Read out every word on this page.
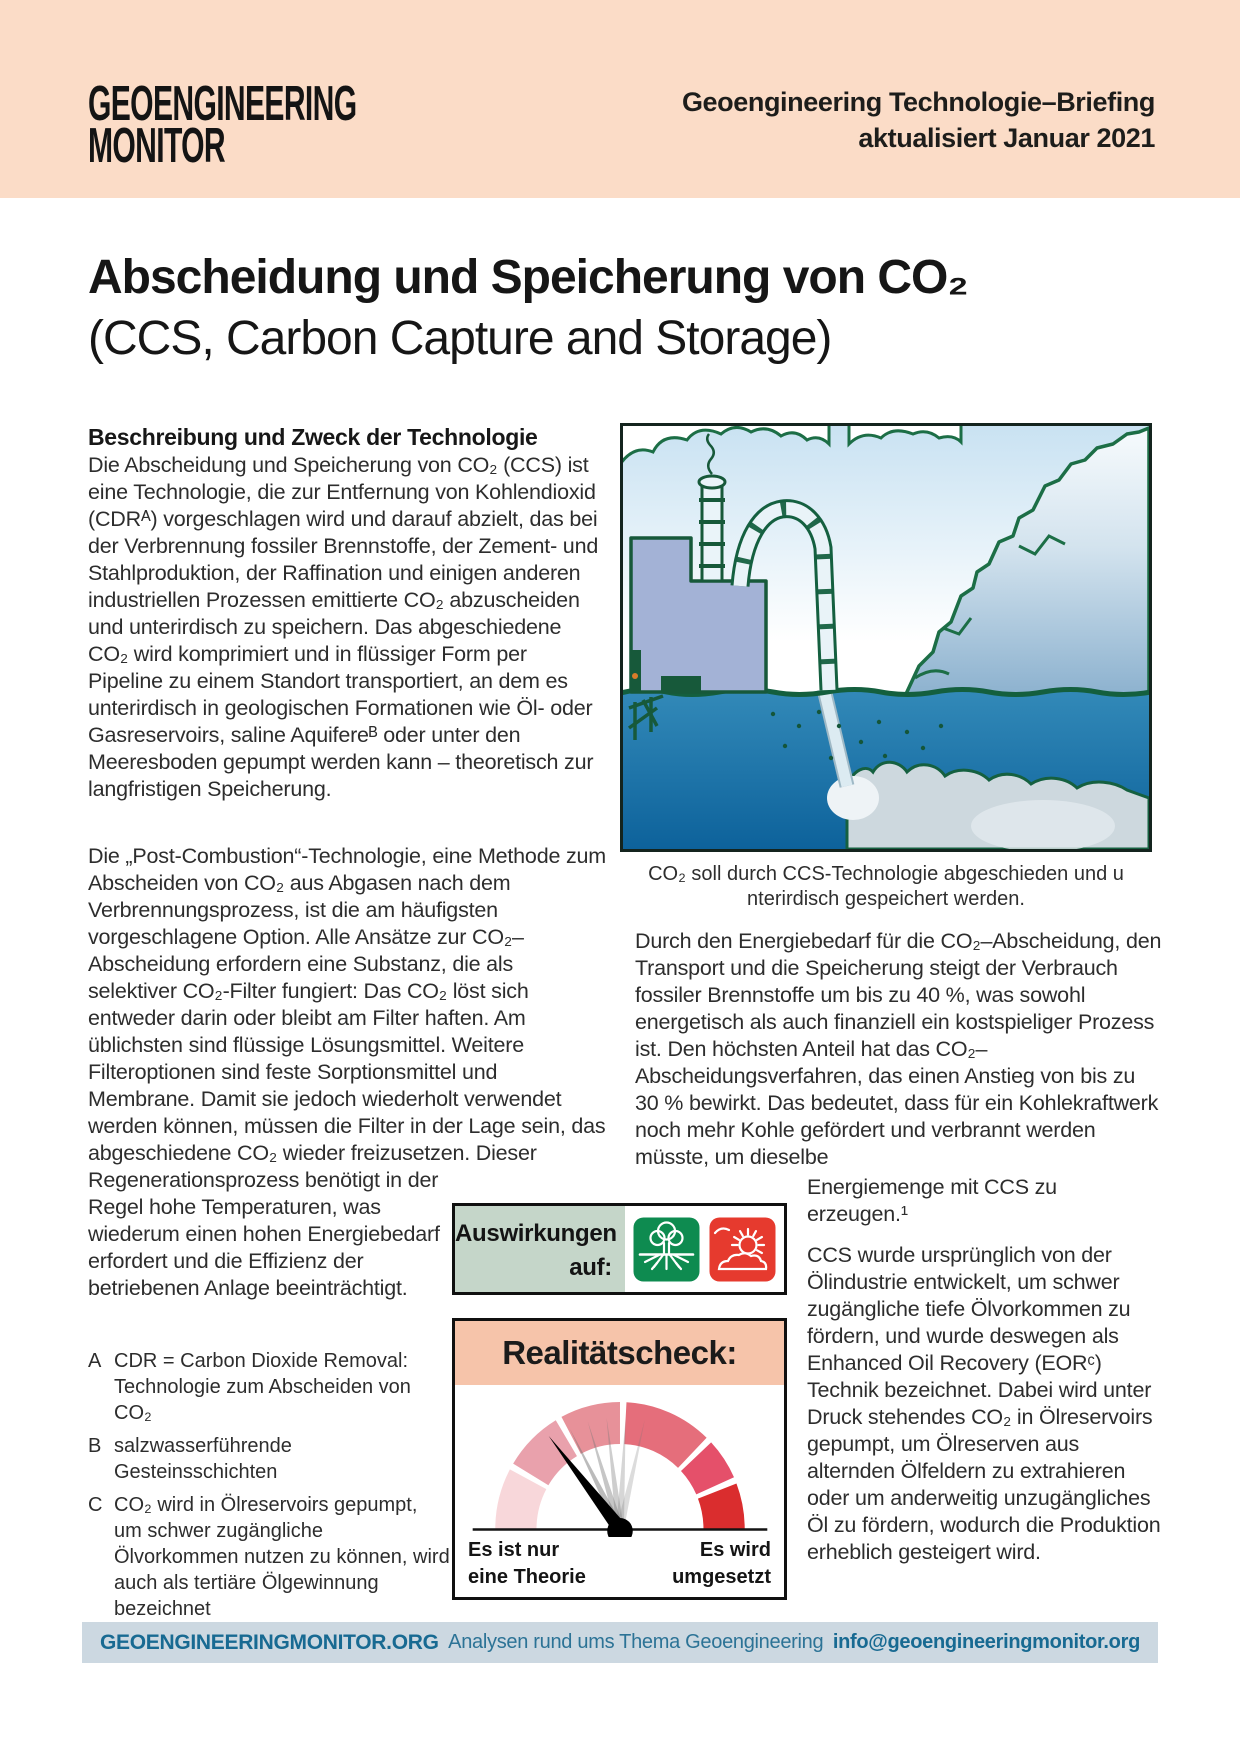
GEOENGINEERING
MONITOR
Geoengineering Technologie–Briefing
aktualisiert Januar 2021
Abscheidung und Speicherung von CO₂
(CCS, Carbon Capture and Storage)
Beschreibung und Zweck der Technologie
Die Abscheidung und Speicherung von CO₂ (CCS) ist eine Technologie, die zur Entfernung von Kohlendioxid (CDRᴬ) vorgeschlagen wird und darauf abzielt, das bei der Verbrennung fossiler Brennstoffe, der Zement- und Stahlproduktion, der Raffination und einigen anderen industriellen Prozessen emittierte CO₂ abzuscheiden und unterirdisch zu speichern. Das abgeschiedene CO₂ wird komprimiert und in flüssiger Form per Pipeline zu einem Standort transportiert, an dem es unterirdisch in geologischen Formationen wie Öl- oder Gasreservoirs, saline Aquifereᴮ oder unter den Meeresboden gepumpt werden kann – theoretisch zur langfristigen Speicherung.
Die „Post-Combustion“-Technologie, eine Methode zum Abscheiden von CO₂ aus Abgasen nach dem Verbrennungsprozess, ist die am häufigsten vorgeschlagene Option. Alle Ansätze zur CO₂–Abscheidung erfordern eine Substanz, die als selektiver CO₂-Filter fungiert: Das CO₂ löst sich entweder darin oder bleibt am Filter haften. Am üblichsten sind flüssige Lösungsmittel. Weitere Filteroptionen sind feste Sorptionsmittel und Membrane. Damit sie jedoch wiederholt verwendet werden können, müssen die Filter in der Lage sein, das abgeschiedene CO₂ wieder freizusetzen. Dieser
Regenerationsprozess benötigt in der Regel hohe Temperaturen, was wiederum einen hohen Energiebedarf erfordert und die Effizienz der betriebenen Anlage beeinträchtigt.
A CDR = Carbon Dioxide Removal: Technologie zum Abscheiden von CO₂
B salzwasserführende Gesteinsschichten
C CO₂ wird in Ölreservoirs gepumpt, um schwer zugängliche Ölvorkommen nutzen zu können, wird auch als tertiäre Ölgewinnung bezeichnet
CO₂ soll durch CCS-Technologie abgeschieden und u
nterirdisch gespeichert werden.
Durch den Energiebedarf für die CO₂–Abscheidung, den Transport und die Speicherung steigt der Verbrauch fossiler Brennstoffe um bis zu 40 %, was sowohl energetisch als auch finanziell ein kostspieliger Prozess ist. Den höchsten Anteil hat das CO₂–Abscheidungsverfahren, das einen Anstieg von bis zu 30 % bewirkt. Das bedeutet, dass für ein Kohlekraftwerk noch mehr Kohle gefördert und verbrannt werden müsste, um dieselbe
Energiemenge mit CCS zu erzeugen.¹
CCS wurde ursprünglich von der Ölindustrie entwickelt, um schwer zugängliche tiefe Ölvorkommen zu fördern, und wurde deswegen als Enhanced Oil Recovery (EORᶜ) Technik bezeichnet. Dabei wird unter Druck stehendes CO₂ in Ölreservoirs gepumpt, um Ölreserven aus alternden Ölfeldern zu extrahieren oder um anderweitig unzugängliches Öl zu fördern, wodurch die Produktion erheblich gesteigert wird.
Auswirkungen
auf:
Realitätscheck:
Es ist nur
eine Theorie
Es wird
umgesetzt
GEOENGINEERINGMONITOR.ORG Analysen rund ums Thema Geoengineering info@geoengineeringmonitor.org
